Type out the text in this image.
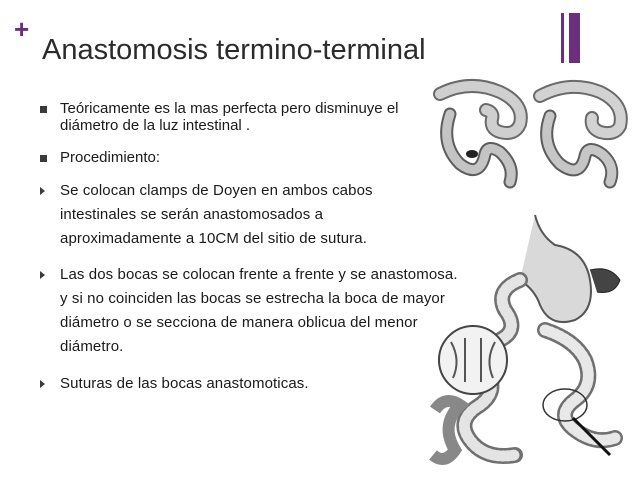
+
Anastomosis termino-terminal
Teóricamente es la mas perfecta pero disminuye el diámetro de la luz intestinal .
Procedimiento:
Se colocan clamps de Doyen en ambos cabos intestinales se serán anastomosados a aproximadamente a 10CM del sitio de sutura.
Las dos bocas se colocan frente a frente y se anastomosa. y si no coinciden las bocas se estrecha la boca de mayor diámetro o se secciona de manera oblicua del menor diámetro.
Suturas de las bocas anastomoticas.
